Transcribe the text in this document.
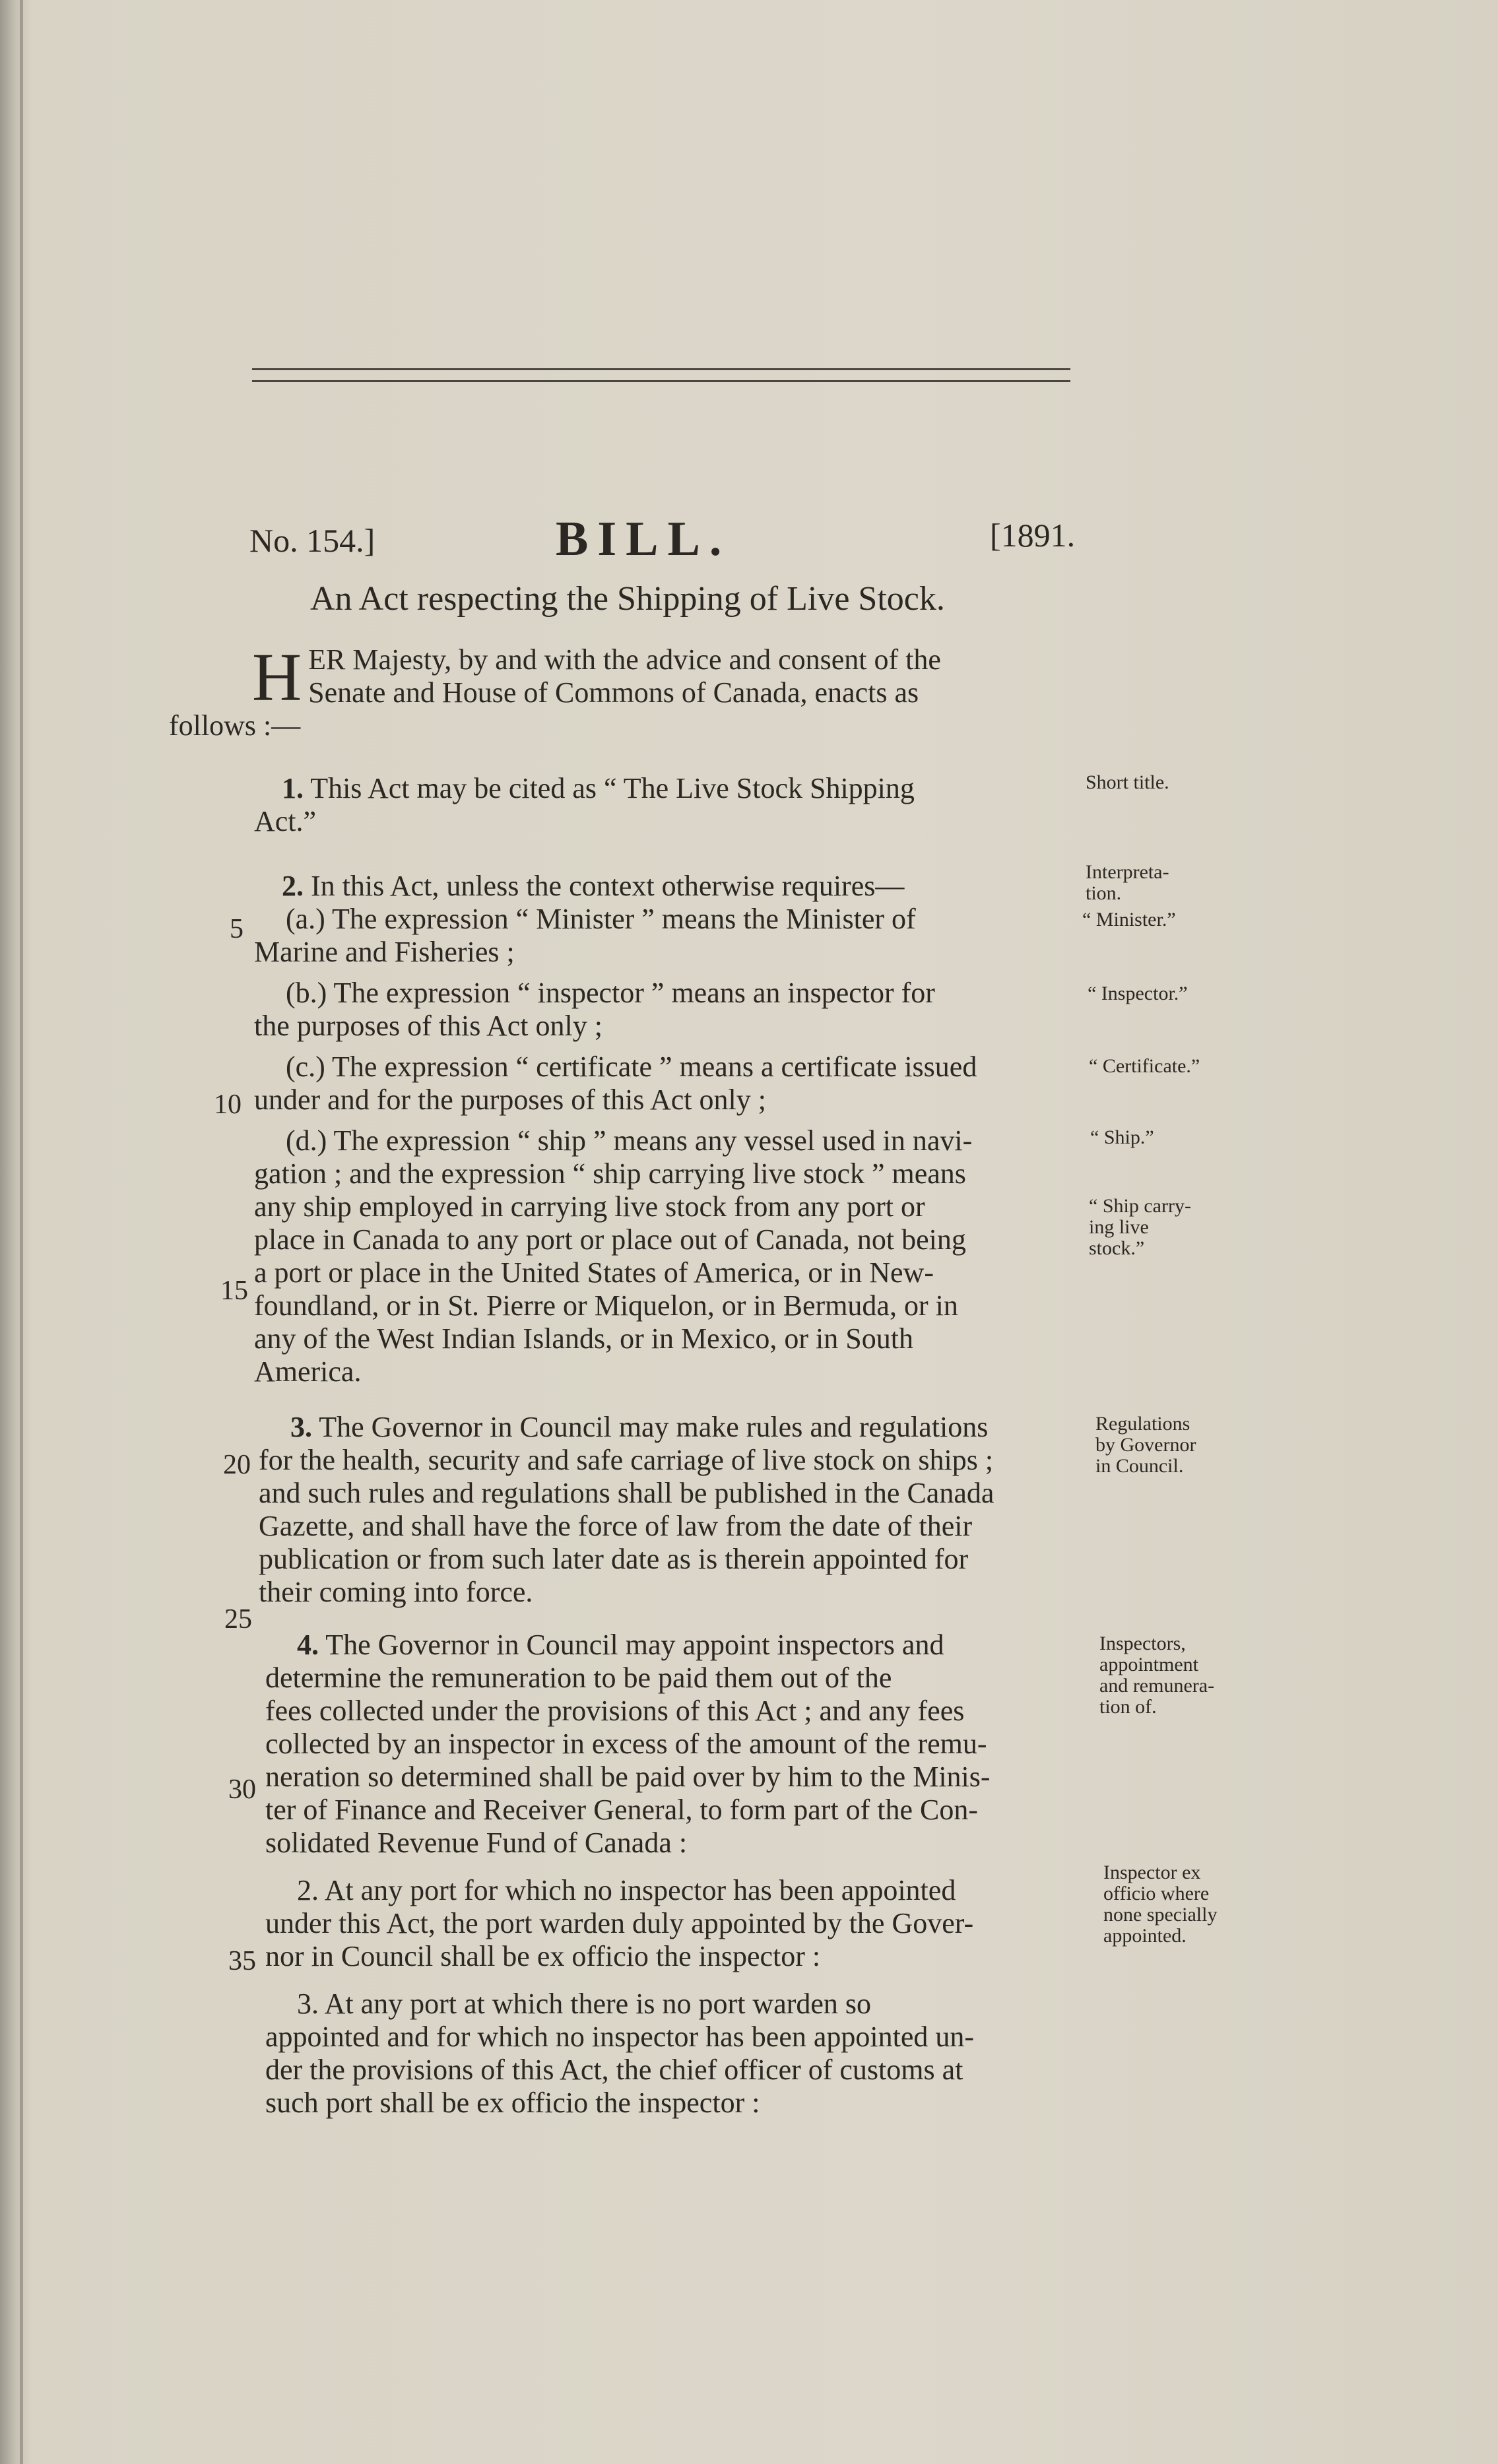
No. 154.]	BILL.	[1891.
An Act respecting the Shipping of Live Stock.
H ER Majesty, by and with the advice and consent of the
Senate and House of Commons of Canada, enacts as
follows :—
1. This Act may be cited as “ The Live Stock Shipping
Act.”
Short title.
2. In this Act, unless the context otherwise requires—
(a.) The expression “ Minister ” means the Minister of
Marine and Fisheries ;
(b.) The expression “ inspector ” means an inspector for
the purposes of this Act only ;
(c.) The expression “ certificate ” means a certificate issued
under and for the purposes of this Act only ;
(d.) The expression “ ship ” means any vessel used in navi-
gation ; and the expression “ ship carrying live stock ” means
any ship employed in carrying live stock from any port or
place in Canada to any port or place out of Canada, not being
a port or place in the United States of America, or in New-
foundland, or in St. Pierre or Miquelon, or in Bermuda, or in
any of the West Indian Islands, or in Mexico, or in South
America.
Interpreta-
tion.
“ Minister.”
“ Inspector.”
“ Certificate.”
“ Ship.”
“ Ship carry-
ing live
stock.”
3. The Governor in Council may make rules and regulations
for the health, security and safe carriage of live stock on ships ;
and such rules and regulations shall be published in the Canada
Gazette, and shall have the force of law from the date of their
publication or from such later date as is therein appointed for
their coming into force.
Regulations
by Governor
in Council.
4. The Governor in Council may appoint inspectors and
determine the remuneration to be paid them out of the
fees collected under the provisions of this Act ; and any fees
collected by an inspector in excess of the amount of the remu-
neration so determined shall be paid over by him to the Minis-
ter of Finance and Receiver General, to form part of the Con-
solidated Revenue Fund of Canada :
2. At any port for which no inspector has been appointed
under this Act, the port warden duly appointed by the Gover-
nor in Council shall be ex officio the inspector :
3. At any port at which there is no port warden so
appointed and for which no inspector has been appointed un-
der the provisions of this Act, the chief officer of customs at
such port shall be ex officio the inspector :
Inspectors,
appointment
and remunera-
tion of.
Inspector ex
officio where
none specially
appointed.
5
10
15
20
25
30
35
